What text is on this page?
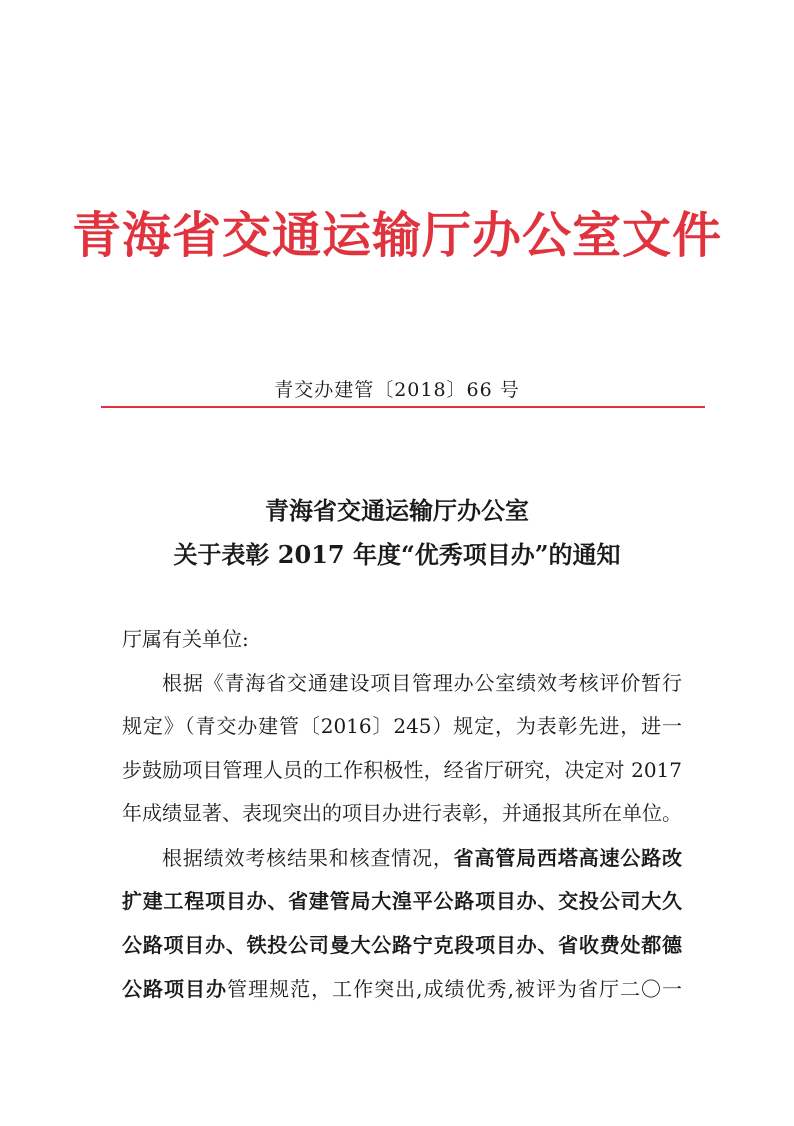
青海省交通运输厅办公室文件
青交办建管〔2018〕66 号
青海省交通运输厅办公室
关于表彰 2017 年度“优秀项目办”的通知
厅属有关单位:
根据《青海省交通建设项目管理办公室绩效考核评价暂行
规定》（青交办建管〔2016〕245）规定，为表彰先进，进一
步鼓励项目管理人员的工作积极性，经省厅研究，决定对 2017
年成绩显著、表现突出的项目办进行表彰，并通报其所在单位。
根据绩效考核结果和核查情况，省高管局西塔高速公路改
扩建工程项目办、省建管局大湟平公路项目办、交投公司大久
公路项目办、铁投公司曼大公路宁克段项目办、省收费处都德
公路项目办管理规范，工作突出,成绩优秀,被评为省厅二〇一
